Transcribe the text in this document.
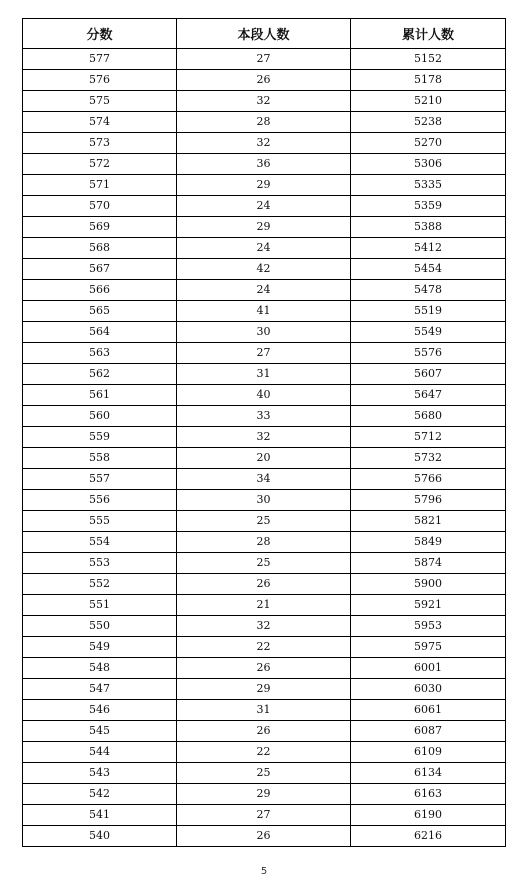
分数	本段人数	累计人数
577	27	5152
576	26	5178
575	32	5210
574	28	5238
573	32	5270
572	36	5306
571	29	5335
570	24	5359
569	29	5388
568	24	5412
567	42	5454
566	24	5478
565	41	5519
564	30	5549
563	27	5576
562	31	5607
561	40	5647
560	33	5680
559	32	5712
558	20	5732
557	34	5766
556	30	5796
555	25	5821
554	28	5849
553	25	5874
552	26	5900
551	21	5921
550	32	5953
549	22	5975
548	26	6001
547	29	6030
546	31	6061
545	26	6087
544	22	6109
543	25	6134
542	29	6163
541	27	6190
540	26	6216
5
